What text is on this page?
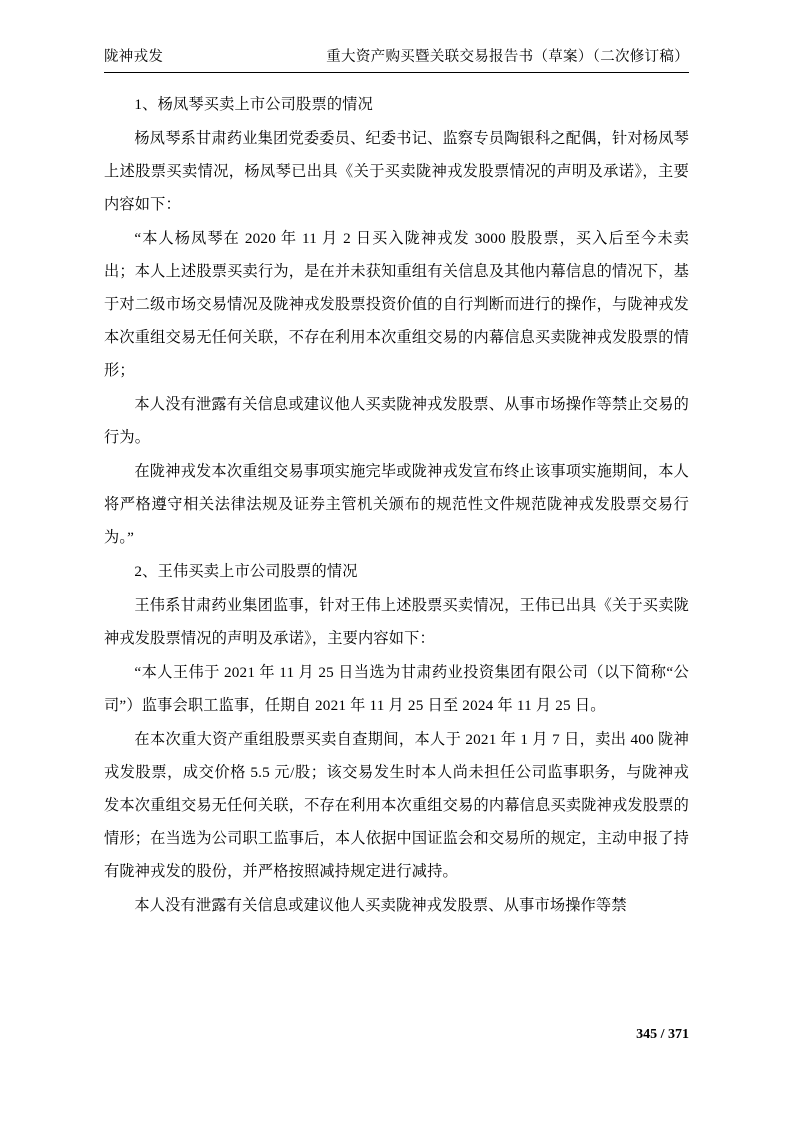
陇神戎发	重大资产购买暨关联交易报告书（草案）（二次修订稿）

1、杨凤琴买卖上市公司股票的情况

杨凤琴系甘肃药业集团党委委员、纪委书记、监察专员陶银科之配偶，针对杨凤琴上述股票买卖情况，杨凤琴已出具《关于买卖陇神戎发股票情况的声明及承诺》，主要内容如下：

“本人杨凤琴在 2020 年 11 月 2 日买入陇神戎发 3000 股股票，买入后至今未卖出；本人上述股票买卖行为，是在并未获知重组有关信息及其他内幕信息的情况下，基于对二级市场交易情况及陇神戎发股票投资价值的自行判断而进行的操作，与陇神戎发本次重组交易无任何关联，不存在利用本次重组交易的内幕信息买卖陇神戎发股票的情形；

本人没有泄露有关信息或建议他人买卖陇神戎发股票、从事市场操作等禁止交易的行为。

在陇神戎发本次重组交易事项实施完毕或陇神戎发宣布终止该事项实施期间，本人将严格遵守相关法律法规及证券主管机关颁布的规范性文件规范陇神戎发股票交易行为。”

2、王伟买卖上市公司股票的情况

王伟系甘肃药业集团监事，针对王伟上述股票买卖情况，王伟已出具《关于买卖陇神戎发股票情况的声明及承诺》，主要内容如下：

“本人王伟于 2021 年 11 月 25 日当选为甘肃药业投资集团有限公司（以下简称“公司”）监事会职工监事，任期自 2021 年 11 月 25 日至 2024 年 11 月 25 日。

在本次重大资产重组股票买卖自查期间，本人于 2021 年 1 月 7 日，卖出 400 陇神戎发股票，成交价格 5.5 元/股；该交易发生时本人尚未担任公司监事职务，与陇神戎发本次重组交易无任何关联，不存在利用本次重组交易的内幕信息买卖陇神戎发股票的情形；在当选为公司职工监事后，本人依据中国证监会和交易所的规定，主动申报了持有陇神戎发的股份，并严格按照减持规定进行减持。

本人没有泄露有关信息或建议他人买卖陇神戎发股票、从事市场操作等禁

345 / 371
